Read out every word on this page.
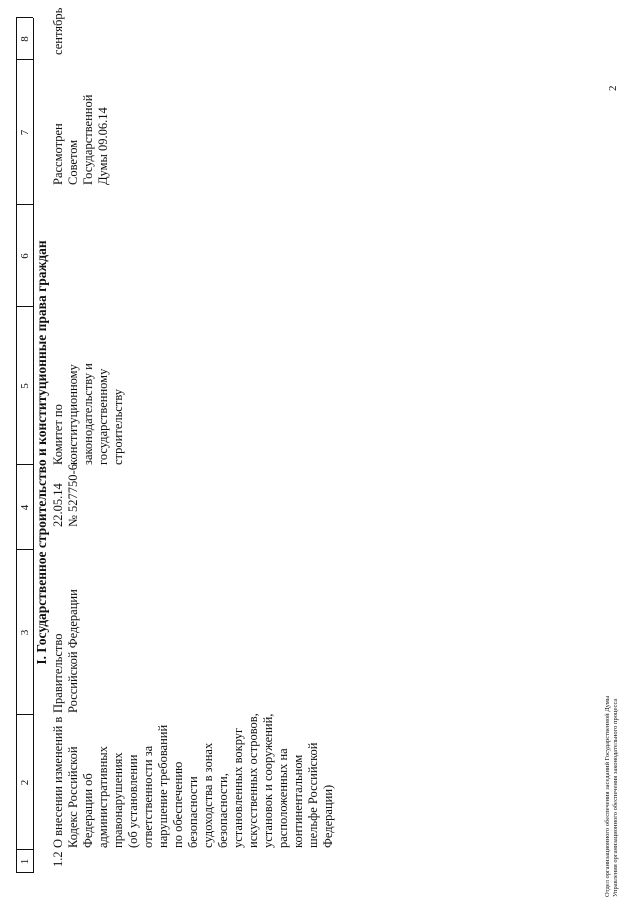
1
2
3
4
5
6
7
8
I. Государственное строительство и конституционные права граждан
1.2
О внесении изменений в
Кодекс Российской
Федерации об
административных
правонарушениях
(об установлении
ответственности за
нарушение требований
по обеспечению
безопасности
судоходства в зонах
безопасности,
установленных вокруг
искусственных островов,
установок и сооружений,
расположенных на
континентальном
шельфе Российской
Федерации)
Правительство
Российской Федерации
22.05.14
№ 527750-6
Комитет по
конституционному
законодательству и
государственному
строительству
Рассмотрен
Советом
Государственной
Думы 09.06.14
сентябрь
2
Отдел организационного обеспечения заседаний Государственной Думы Управления организационного обеспечения законодательного процесса
